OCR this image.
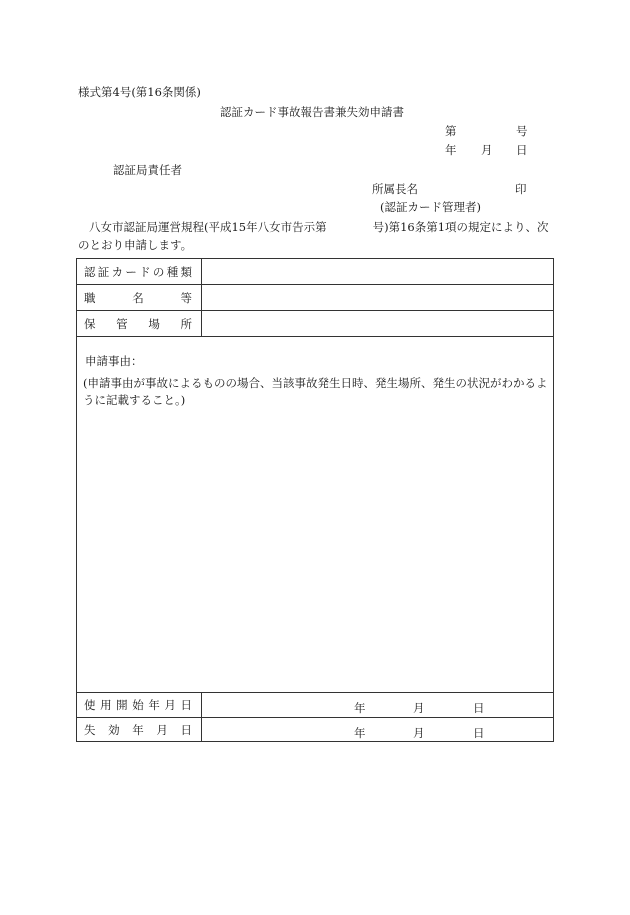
様式第4号(第16条関係)
認証カード事故報告書兼失効申請書
第	号
年 月 日
認証局責任者
所属長名	印
(認証カード管理者)
八女市認証局運営規程(平成15年八女市告示第　　　　号)第16条第1項の規定により、次のとおり申請します。
認 証 カ ー ド の 種 類
職	名	等
保 管 場 所
申請事由：
(申請事由が事故によるものの場合、当該事故発生日時、発生場所、発生の状況がわかるように記載すること。)
使 用 開 始 年 月 日	年	月	日
失 効 年 月 日	年	月	日
